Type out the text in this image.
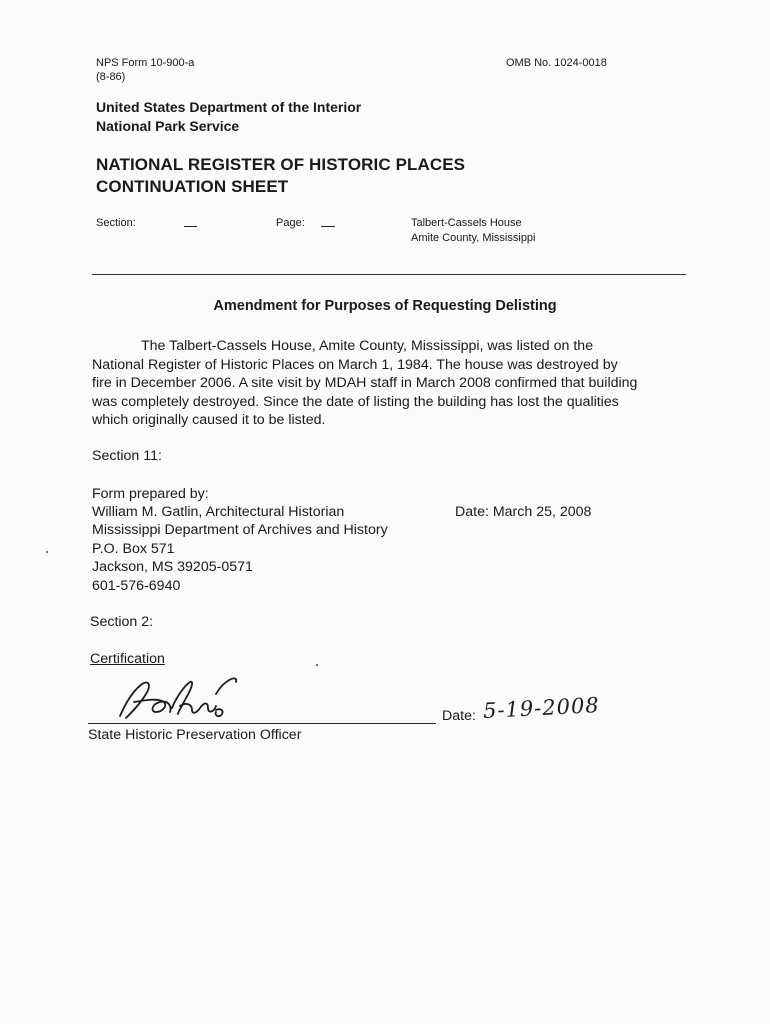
NPS Form 10-900-a
(8-86)
OMB No. 1024-0018
United States Department of the Interior
National Park Service
NATIONAL REGISTER OF HISTORIC PLACES
CONTINUATION SHEET
Section:	Page:	Talbert-Cassels House
Amite County, Mississippi
Amendment for Purposes of Requesting Delisting

The Talbert-Cassels House, Amite County, Mississippi, was listed on the

National Register of Historic Places on March 1, 1984. The house was destroyed by

fire in December 2006. A site visit by MDAH staff in March 2008 confirmed that building

was completely destroyed. Since the date of listing the building has lost the qualities

which originally caused it to be listed.

Section 11:
Form prepared by:
William M. Gatlin, Architectural Historian
Mississippi Department of Archives and History
P.O. Box 571
Jackson, MS 39205-0571
601-576-6940
Date: March 25, 2008
Section 2:
Certification
State Historic Preservation Officer
Date: 5-19-2008
